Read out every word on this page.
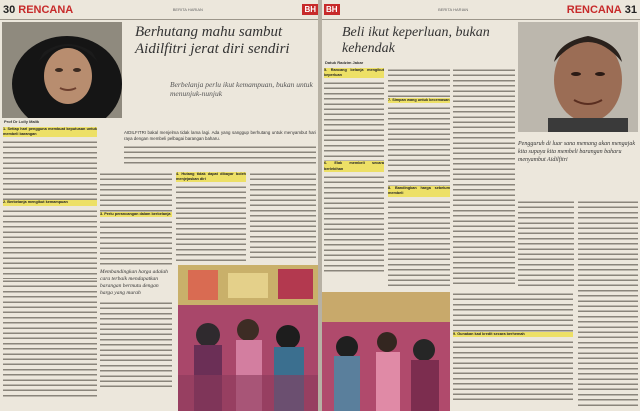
30 RENCANA	BERITA HARIAN	BH
Prof Dr Lolly Malik
Berhutang mahu sambut Aidilfitri jerat diri sendiri
Berbelanja perlu ikut kemampuan, bukan untuk menunjuk-nunjuk

AIDILFITRI bakal menjelma tidak lama lagi. Ada yang sanggup berhutang untuk menyambut hari raya dengan membeli pelbagai barangan baharu.

1. Setiap hari pengguna membuat keputusan untuk membeli barangan

2. Berbelanja mengikut kemampuan

3. Perlu perancangan dalam berbelanja

Membandingkan harga adalah cara terbaik mendapatkan barangan bermutu dengan harga yang murah

4. Hutang tidak dapat dibayar boleh menjejaskan diri

BH	BERITA HARIAN	RENCANA 31
Beli ikut keperluan, bukan kehendak
Datuk Radzim Jabar

5. Rancang belanja mengikut keperluan

6. Elak membeli secara berlebihan

7. Simpan wang untuk kecemasan

8. Bandingkan harga sebelum membeli

Pengguruh di luar sana memang akan mengajak kita supaya kita membeli barangan baharu menyambut Aidilfitri

9. Gunakan kad kredit secara berhemah
